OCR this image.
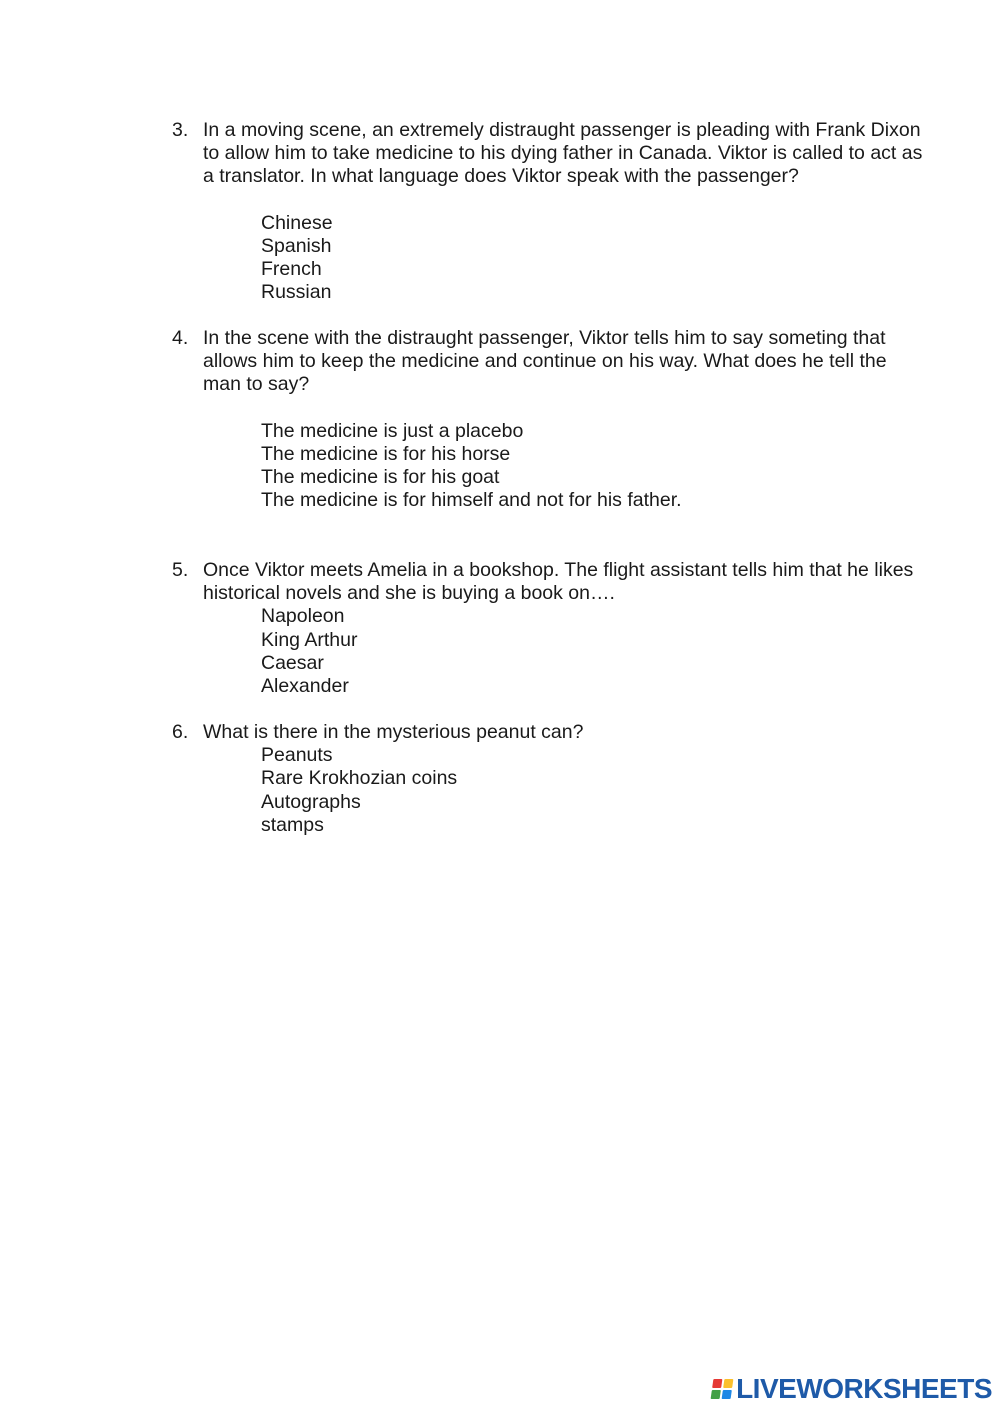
3. In a moving scene, an extremely distraught passenger is pleading with Frank Dixon
to allow him to take medicine to his dying father in Canada. Viktor is called to act as
a translator. In what language does Viktor speak with the passenger?
Chinese
Spanish
French
Russian
4. In the scene with the distraught passenger, Viktor tells him to say someting that
allows him to keep the medicine and continue on his way. What does he tell the
man to say?
The medicine is just a placebo
The medicine is for his horse
The medicine is for his goat
The medicine is for himself and not for his father.
5. Once Viktor meets Amelia in a bookshop. The flight assistant tells him that he likes
historical novels and she is buying a book on….
Napoleon
King Arthur
Caesar
Alexander
6. What is there in the mysterious peanut can?
Peanuts
Rare Krokhozian coins
Autographs
stamps
LIVEWORKSHEETS
